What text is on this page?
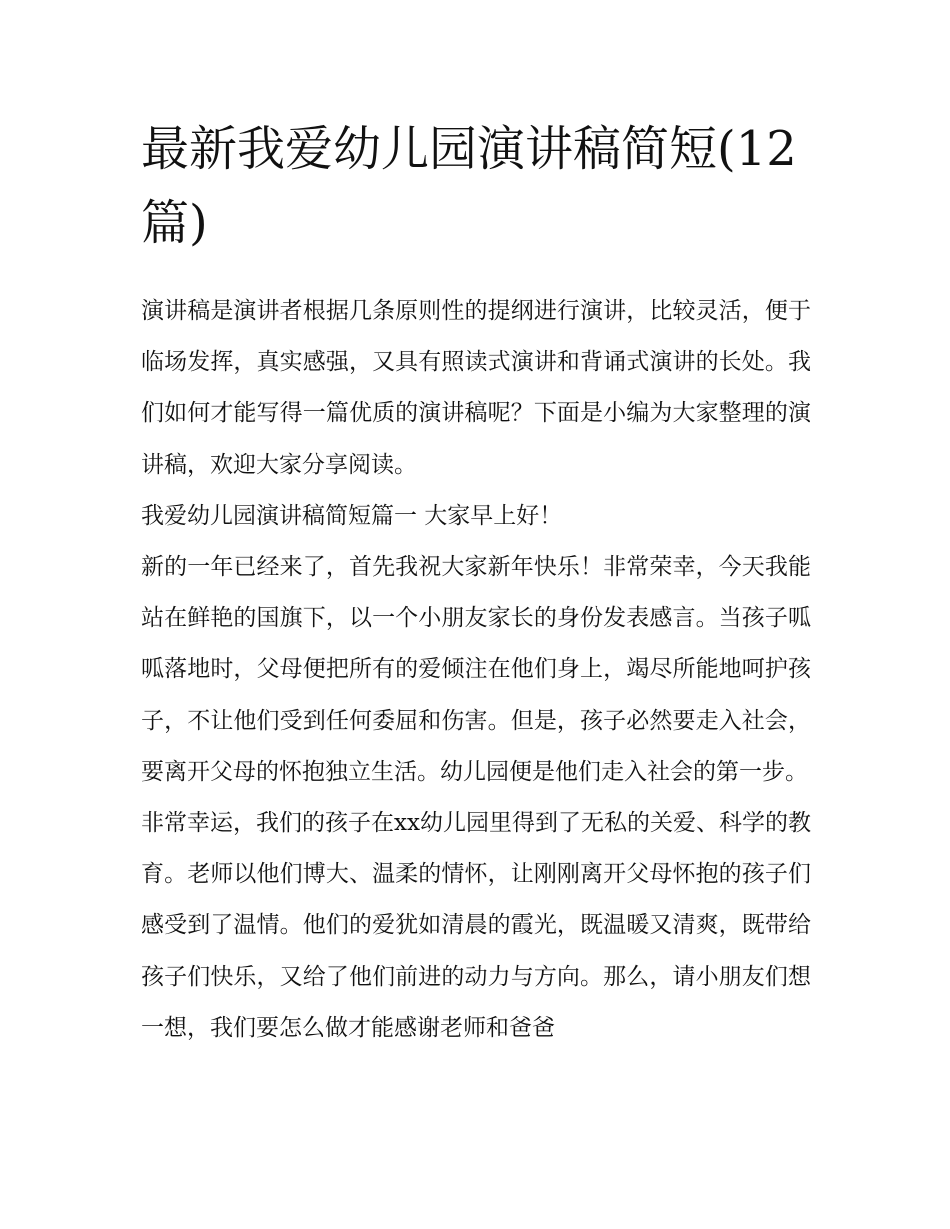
最新我爱幼儿园演讲稿简短(12篇)

演讲稿是演讲者根据几条原则性的提纲进行演讲，比较灵活，便于临场发挥，真实感强，又具有照读式演讲和背诵式演讲的长处。我们如何才能写得一篇优质的演讲稿呢？下面是小编为大家整理的演讲稿，欢迎大家分享阅读。

我爱幼儿园演讲稿简短篇一 大家早上好！

新的一年已经来了，首先我祝大家新年快乐！非常荣幸，今天我能站在鲜艳的国旗下，以一个小朋友家长的身份发表感言。当孩子呱呱落地时，父母便把所有的爱倾注在他们身上，竭尽所能地呵护孩子，不让他们受到任何委屈和伤害。但是，孩子必然要走入社会，要离开父母的怀抱独立生活。幼儿园便是他们走入社会的第一步。

非常幸运，我们的孩子在xx幼儿园里得到了无私的关爱、科学的教育。老师以他们博大、温柔的情怀，让刚刚离开父母怀抱的孩子们感受到了温情。他们的爱犹如清晨的霞光，既温暖又清爽，既带给孩子们快乐，又给了他们前进的动力与方向。那么，请小朋友们想一想，我们要怎么做才能感谢老师和爸爸
